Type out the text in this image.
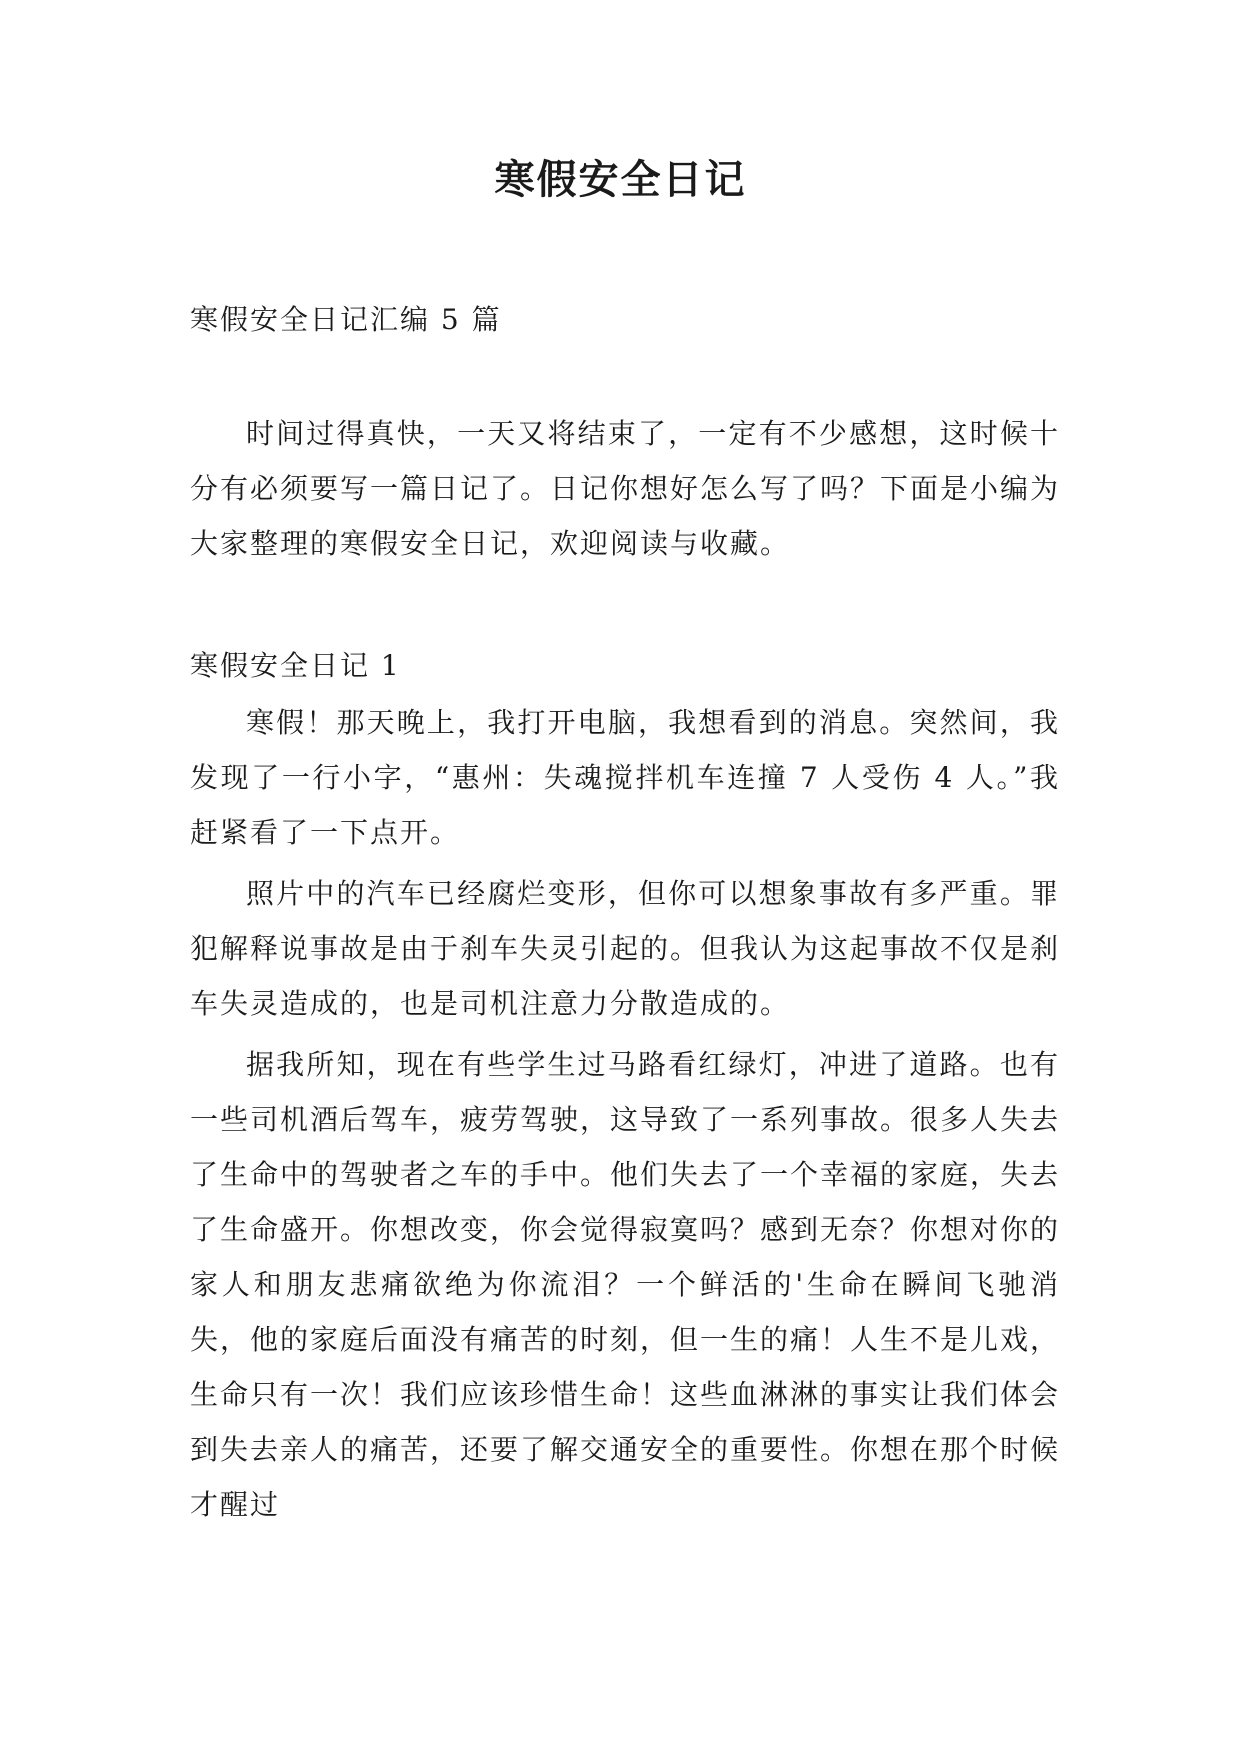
寒假安全日记

寒假安全日记汇编 5 篇

时间过得真快，一天又将结束了，一定有不少感想，这时候十分有必须要写一篇日记了。日记你想好怎么写了吗？下面是小编为大家整理的寒假安全日记，欢迎阅读与收藏。

寒假安全日记 1

寒假！那天晚上，我打开电脑，我想看到的消息。突然间，我发现了一行小字，“惠州：失魂搅拌机车连撞 7 人受伤 4 人。”我赶紧看了一下点开。

照片中的汽车已经腐烂变形，但你可以想象事故有多严重。罪犯解释说事故是由于刹车失灵引起的。但我认为这起事故不仅是刹车失灵造成的，也是司机注意力分散造成的。

据我所知，现在有些学生过马路看红绿灯，冲进了道路。也有一些司机酒后驾车，疲劳驾驶，这导致了一系列事故。很多人失去了生命中的驾驶者之车的手中。他们失去了一个幸福的家庭，失去了生命盛开。你想改变，你会觉得寂寞吗？感到无奈？你想对你的家人和朋友悲痛欲绝为你流泪？一个鲜活的'生命在瞬间飞驰消失，他的家庭后面没有痛苦的时刻，但一生的痛！人生不是儿戏，生命只有一次！我们应该珍惜生命！这些血淋淋的事实让我们体会到失去亲人的痛苦，还要了解交通安全的重要性。你想在那个时候才醒过
